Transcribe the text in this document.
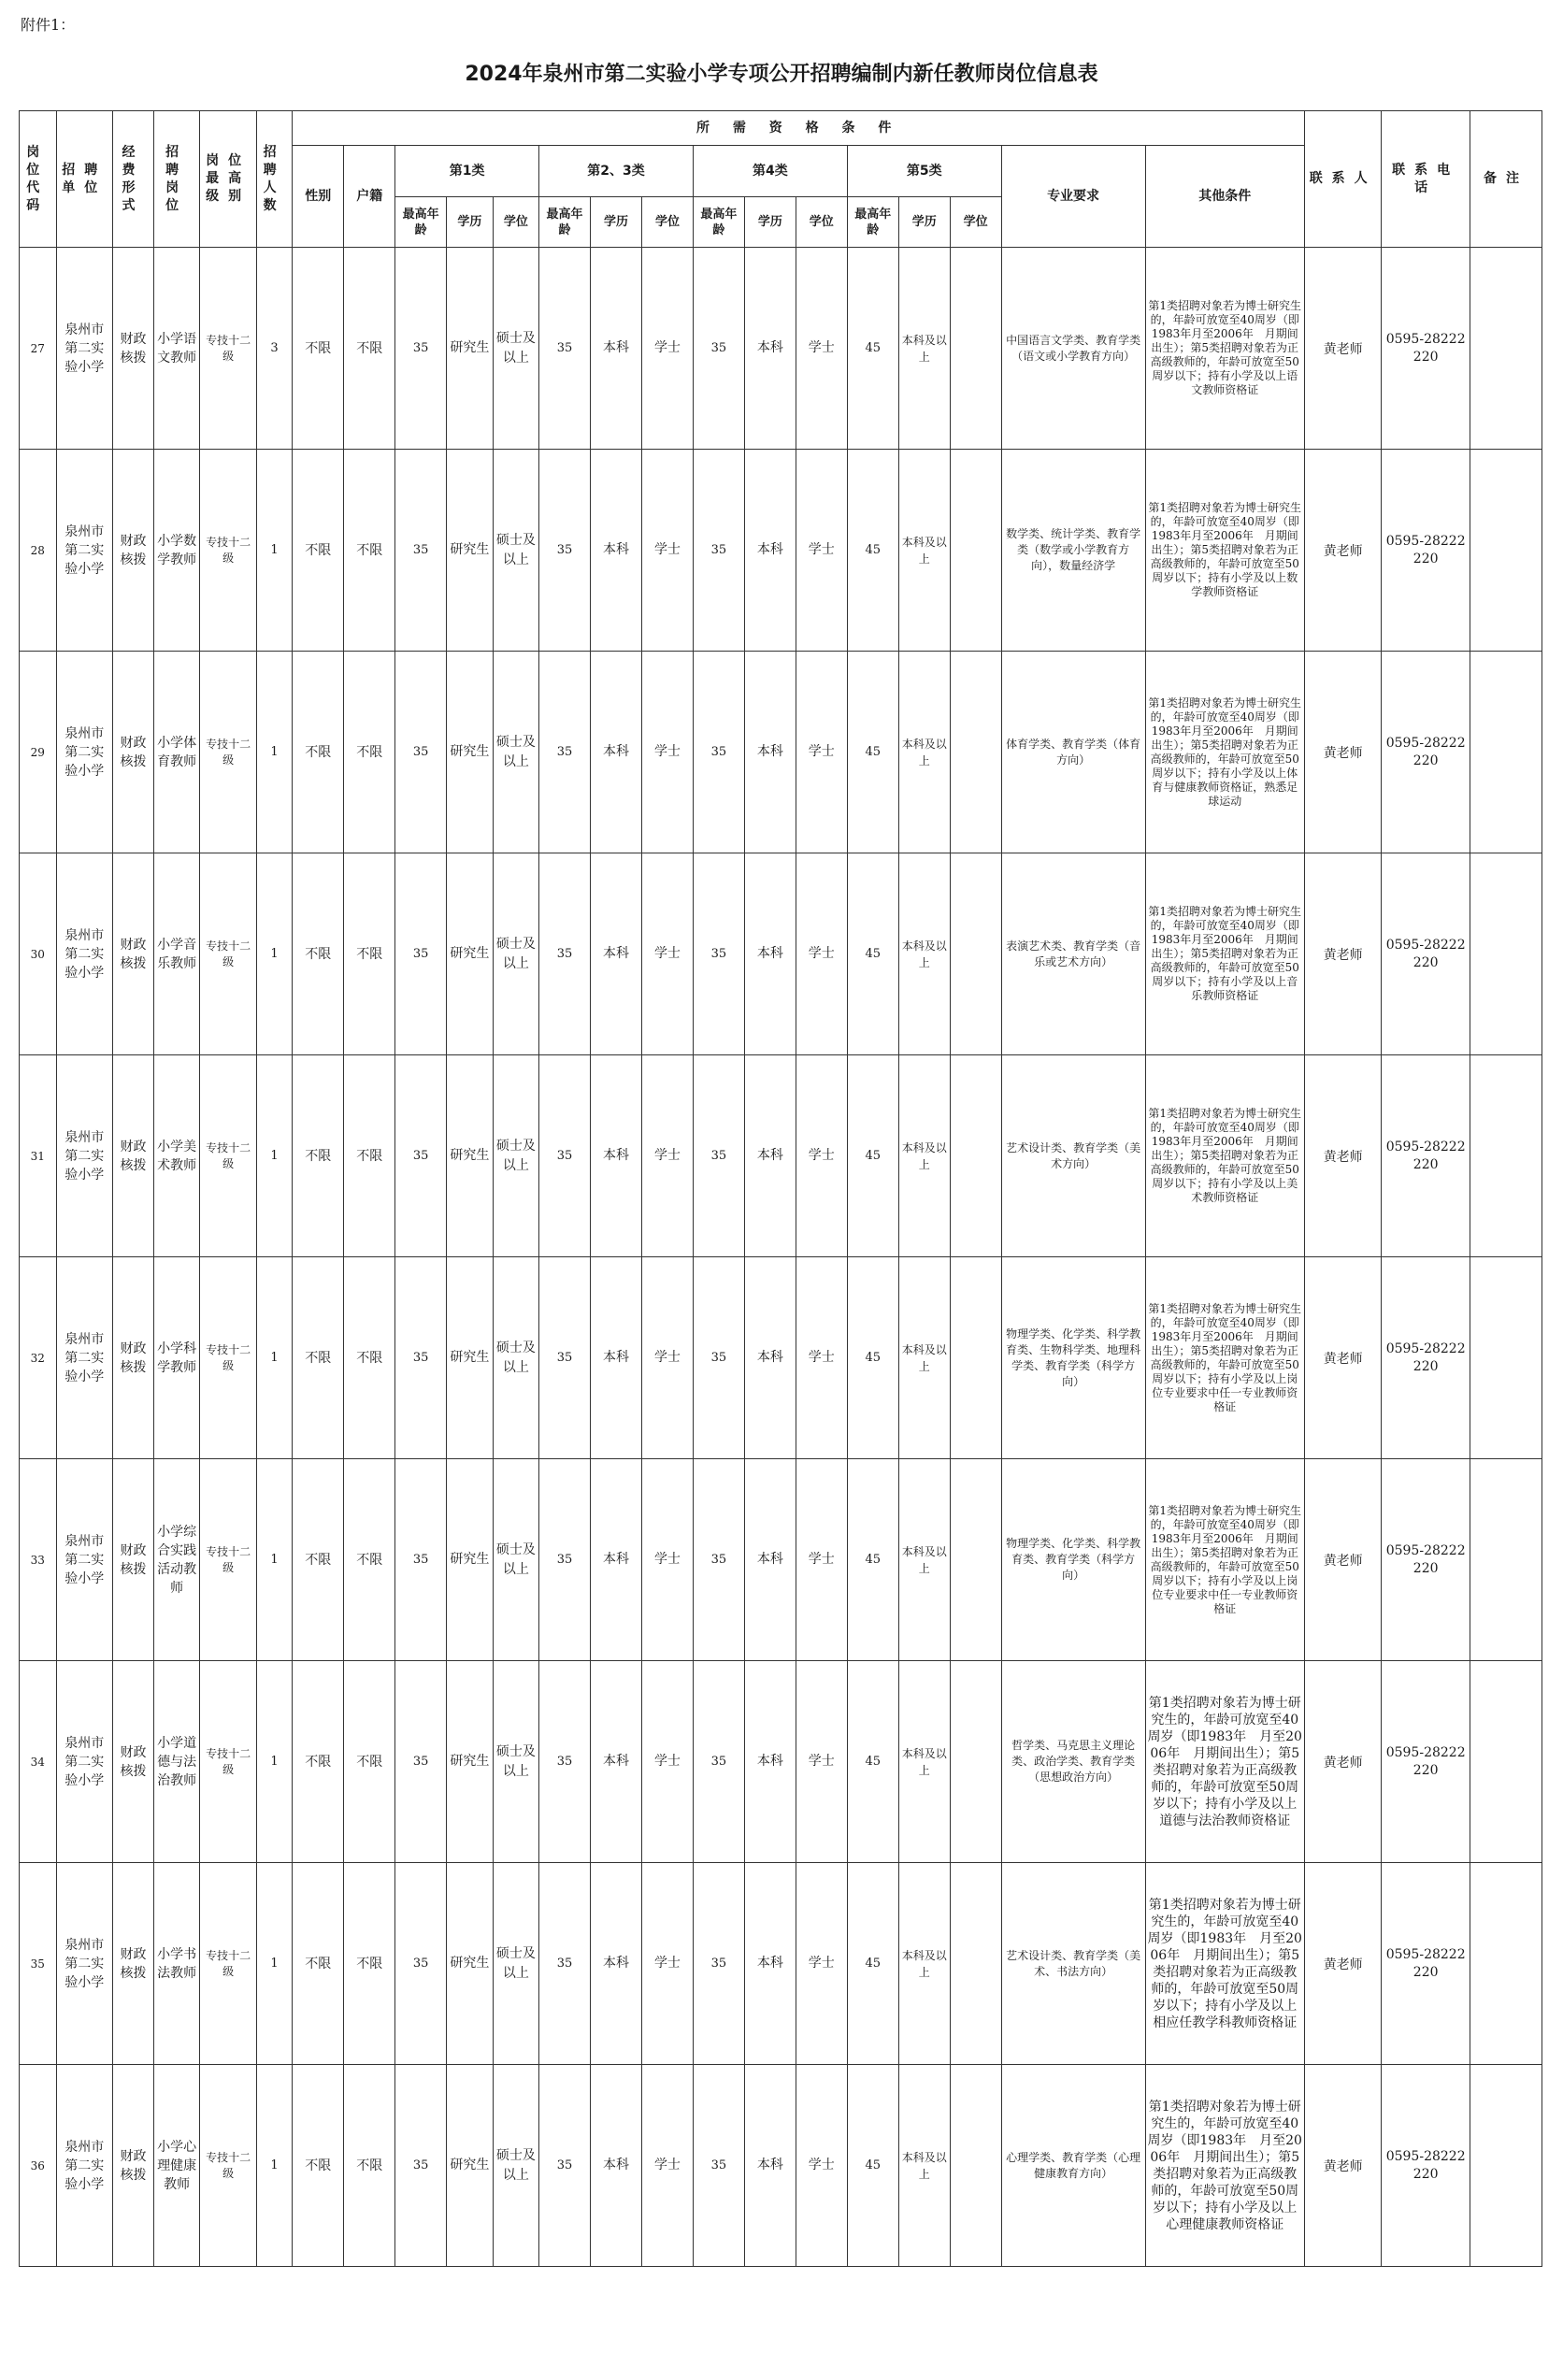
附件1：
2024年泉州市第二实验小学专项公开招聘编制内新任教师岗位信息表
岗位代码	招聘单位	经费形式	招聘岗位	岗位最高级别	招聘人数	所 需 资 格 条 件																联系人	联系电话	备注
						性别	户籍	第1类			第2、3类			第4类			第5类			专业要求	其他条件			
								最高年龄	学历	学位	最高年龄	学历	学位	最高年龄	学历	学位	最高年龄	学历	学位					
27	泉州市第二实验小学	财政核拨	小学语文教师	专技十二级	3	不限	不限	35	研究生	硕士及以上	35	本科	学士	35	本科	学士	45	本科及以上		中国语言文学类、教育学类（语文或小学教育方向）	第1类招聘对象若为博士研究生的，年龄可放宽至40周岁（即1983年月至2006年　月期间出生）；第5类招聘对象若为正高级教师的，年龄可放宽至50周岁以下；持有小学及以上语文教师资格证	黄老师	0595-28222220	
28	泉州市第二实验小学	财政核拨	小学数学教师	专技十二级	1	不限	不限	35	研究生	硕士及以上	35	本科	学士	35	本科	学士	45	本科及以上		数学类、统计学类、教育学类（数学或小学教育方向），数量经济学	第1类招聘对象若为博士研究生的，年龄可放宽至40周岁（即1983年月至2006年　月期间出生）；第5类招聘对象若为正高级教师的，年龄可放宽至50周岁以下；持有小学及以上数学教师资格证	黄老师	0595-28222220	
29	泉州市第二实验小学	财政核拨	小学体育教师	专技十二级	1	不限	不限	35	研究生	硕士及以上	35	本科	学士	35	本科	学士	45	本科及以上		体育学类、教育学类（体育方向）	第1类招聘对象若为博士研究生的，年龄可放宽至40周岁（即1983年月至2006年　月期间出生）；第5类招聘对象若为正高级教师的，年龄可放宽至50周岁以下；持有小学及以上体育与健康教师资格证，熟悉足球运动	黄老师	0595-28222220	
30	泉州市第二实验小学	财政核拨	小学音乐教师	专技十二级	1	不限	不限	35	研究生	硕士及以上	35	本科	学士	35	本科	学士	45	本科及以上		表演艺术类、教育学类（音乐或艺术方向）	第1类招聘对象若为博士研究生的，年龄可放宽至40周岁（即1983年月至2006年　月期间出生）；第5类招聘对象若为正高级教师的，年龄可放宽至50周岁以下；持有小学及以上音乐教师资格证	黄老师	0595-28222220	
31	泉州市第二实验小学	财政核拨	小学美术教师	专技十二级	1	不限	不限	35	研究生	硕士及以上	35	本科	学士	35	本科	学士	45	本科及以上		艺术设计类、教育学类（美术方向）	第1类招聘对象若为博士研究生的，年龄可放宽至40周岁（即1983年月至2006年　月期间出生）；第5类招聘对象若为正高级教师的，年龄可放宽至50周岁以下；持有小学及以上美术教师资格证	黄老师	0595-28222220	
32	泉州市第二实验小学	财政核拨	小学科学教师	专技十二级	1	不限	不限	35	研究生	硕士及以上	35	本科	学士	35	本科	学士	45	本科及以上		物理学类、化学类、科学教育类、生物科学类、地理科学类、教育学类（科学方向）	第1类招聘对象若为博士研究生的，年龄可放宽至40周岁（即1983年月至2006年　月期间出生）；第5类招聘对象若为正高级教师的，年龄可放宽至50周岁以下；持有小学及以上岗位专业要求中任一专业教师资格证	黄老师	0595-28222220	
33	泉州市第二实验小学	财政核拨	小学综合实践活动教师	专技十二级	1	不限	不限	35	研究生	硕士及以上	35	本科	学士	35	本科	学士	45	本科及以上		物理学类、化学类、科学教育类、教育学类（科学方向）	第1类招聘对象若为博士研究生的，年龄可放宽至40周岁（即1983年月至2006年　月期间出生）；第5类招聘对象若为正高级教师的，年龄可放宽至50周岁以下；持有小学及以上岗位专业要求中任一专业教师资格证	黄老师	0595-28222220	
34	泉州市第二实验小学	财政核拨	小学道德与法治教师	专技十二级	1	不限	不限	35	研究生	硕士及以上	35	本科	学士	35	本科	学士	45	本科及以上		哲学类、马克思主义理论类、政治学类、教育学类（思想政治方向）	第1类招聘对象若为博士研究生的，年龄可放宽至40周岁（即1983年　月至2006年　月期间出生）；第5类招聘对象若为正高级教师的，年龄可放宽至50周岁以下；持有小学及以上道德与法治教师资格证	黄老师	0595-28222220	
35	泉州市第二实验小学	财政核拨	小学书法教师	专技十二级	1	不限	不限	35	研究生	硕士及以上	35	本科	学士	35	本科	学士	45	本科及以上		艺术设计类、教育学类（美术、书法方向）	第1类招聘对象若为博士研究生的，年龄可放宽至40周岁（即1983年　月至2006年　月期间出生）；第5类招聘对象若为正高级教师的，年龄可放宽至50周岁以下；持有小学及以上相应任教学科教师资格证	黄老师	0595-28222220	
36	泉州市第二实验小学	财政核拨	小学心理健康教师	专技十二级	1	不限	不限	35	研究生	硕士及以上	35	本科	学士	35	本科	学士	45	本科及以上		心理学类、教育学类（心理健康教育方向）	第1类招聘对象若为博士研究生的，年龄可放宽至40周岁（即1983年　月至2006年　月期间出生）；第5类招聘对象若为正高级教师的，年龄可放宽至50周岁以下；持有小学及以上心理健康教师资格证	黄老师	0595-28222220	
